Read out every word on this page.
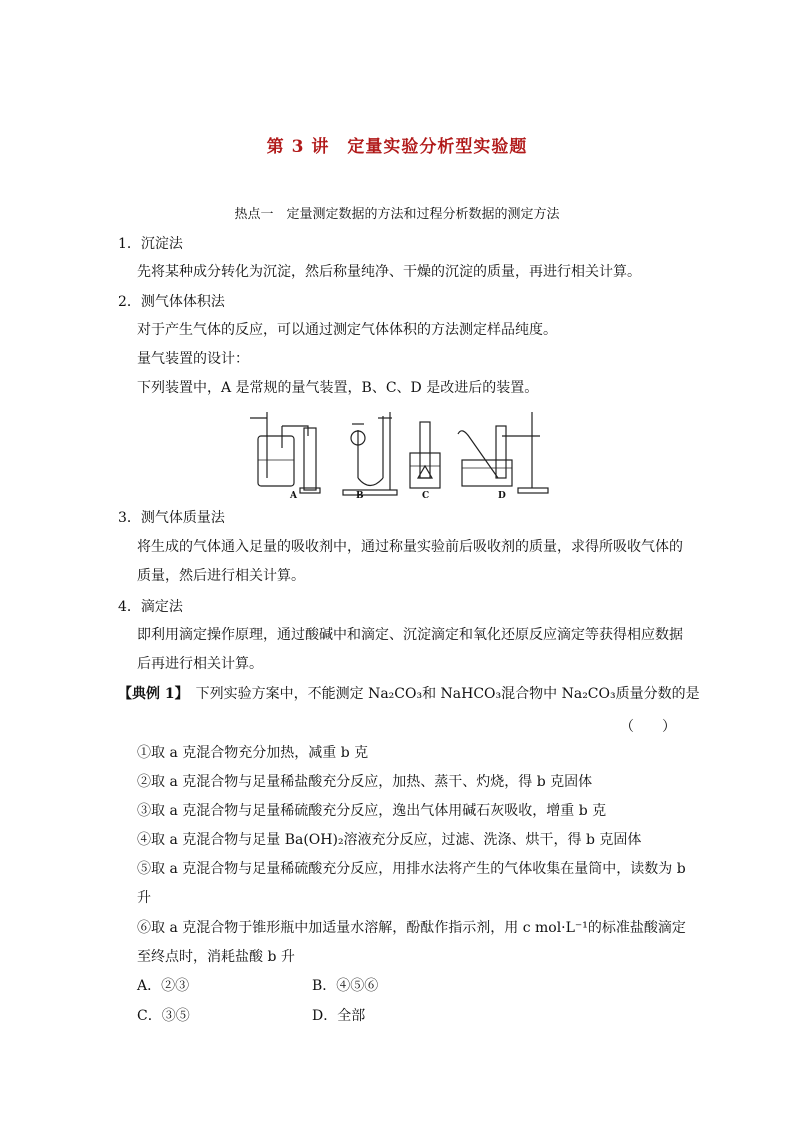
第 3 讲　定量实验分析型实验题
热点一　定量测定数据的方法和过程分析数据的测定方法
1．沉淀法
先将某种成分转化为沉淀，然后称量纯净、干燥的沉淀的质量，再进行相关计算。
2．测气体体积法
对于产生气体的反应，可以通过测定气体体积的方法测定样品纯度。
量气装置的设计：
下列装置中，A 是常规的量气装置，B、C、D 是改进后的装置。
A	B	C	D
3．测气体质量法
将生成的气体通入足量的吸收剂中，通过称量实验前后吸收剂的质量，求得所吸收气体的
质量，然后进行相关计算。
4．滴定法
即利用滴定操作原理，通过酸碱中和滴定、沉淀滴定和氧化还原反应滴定等获得相应数据
后再进行相关计算。
【典例 1】　下列实验方案中，不能测定 Na₂CO₃和 NaHCO₃混合物中 Na₂CO₃质量分数的是
（　　）
①取 a 克混合物充分加热，减重 b 克
②取 a 克混合物与足量稀盐酸充分反应，加热、蒸干、灼烧，得 b 克固体
③取 a 克混合物与足量稀硫酸充分反应，逸出气体用碱石灰吸收，增重 b 克
④取 a 克混合物与足量 Ba(OH)₂溶液充分反应，过滤、洗涤、烘干，得 b 克固体
⑤取 a 克混合物与足量稀硫酸充分反应，用排水法将产生的气体收集在量筒中，读数为 b
升
⑥取 a 克混合物于锥形瓶中加适量水溶解，酚酞作指示剂，用 c mol·L⁻¹的标准盐酸滴定
至终点时，消耗盐酸 b 升
A．②③	B．④⑤⑥
C．③⑤	D．全部
